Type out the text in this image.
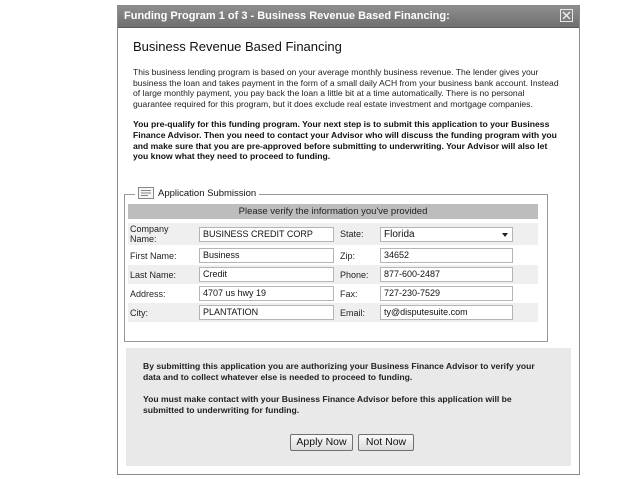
Funding Program 1 of 3 - Business Revenue Based Financing:
Business Revenue Based Financing
This business lending program is based on your average monthly business revenue. The lender gives your business the loan and takes payment in the form of a small daily ACH from your business bank account. Instead of large monthly payment, you pay back the loan a little bit at a time automatically. There is no personal guarantee required for this program, but it does exclude real estate investment and mortgage companies.
You pre-qualify for this funding program. Your next step is to submit this application to your Business Finance Advisor. Then you need to contact your Advisor who will discuss the funding program with you and make sure that you are pre-approved before submitting to underwriting. Your Advisor will also let you know what they need to proceed to funding.
Application Submission
Please verify the information you've provided
Company Name:	BUSINESS CREDIT CORP	State:	Florida
First Name:	Business	Zip:	34652
Last Name:	Credit	Phone:	877-600-2487
Address:	4707 us hwy 19	Fax:	727-230-7529
City:	PLANTATION	Email:	ty@disputesuite.com

By submitting this application you are authorizing your Business Finance Advisor to verify your data and to collect whatever else is needed to proceed to funding.

You must make contact with your Business Finance Advisor before this application will be submitted to underwriting for funding.

Apply Now	Not Now
